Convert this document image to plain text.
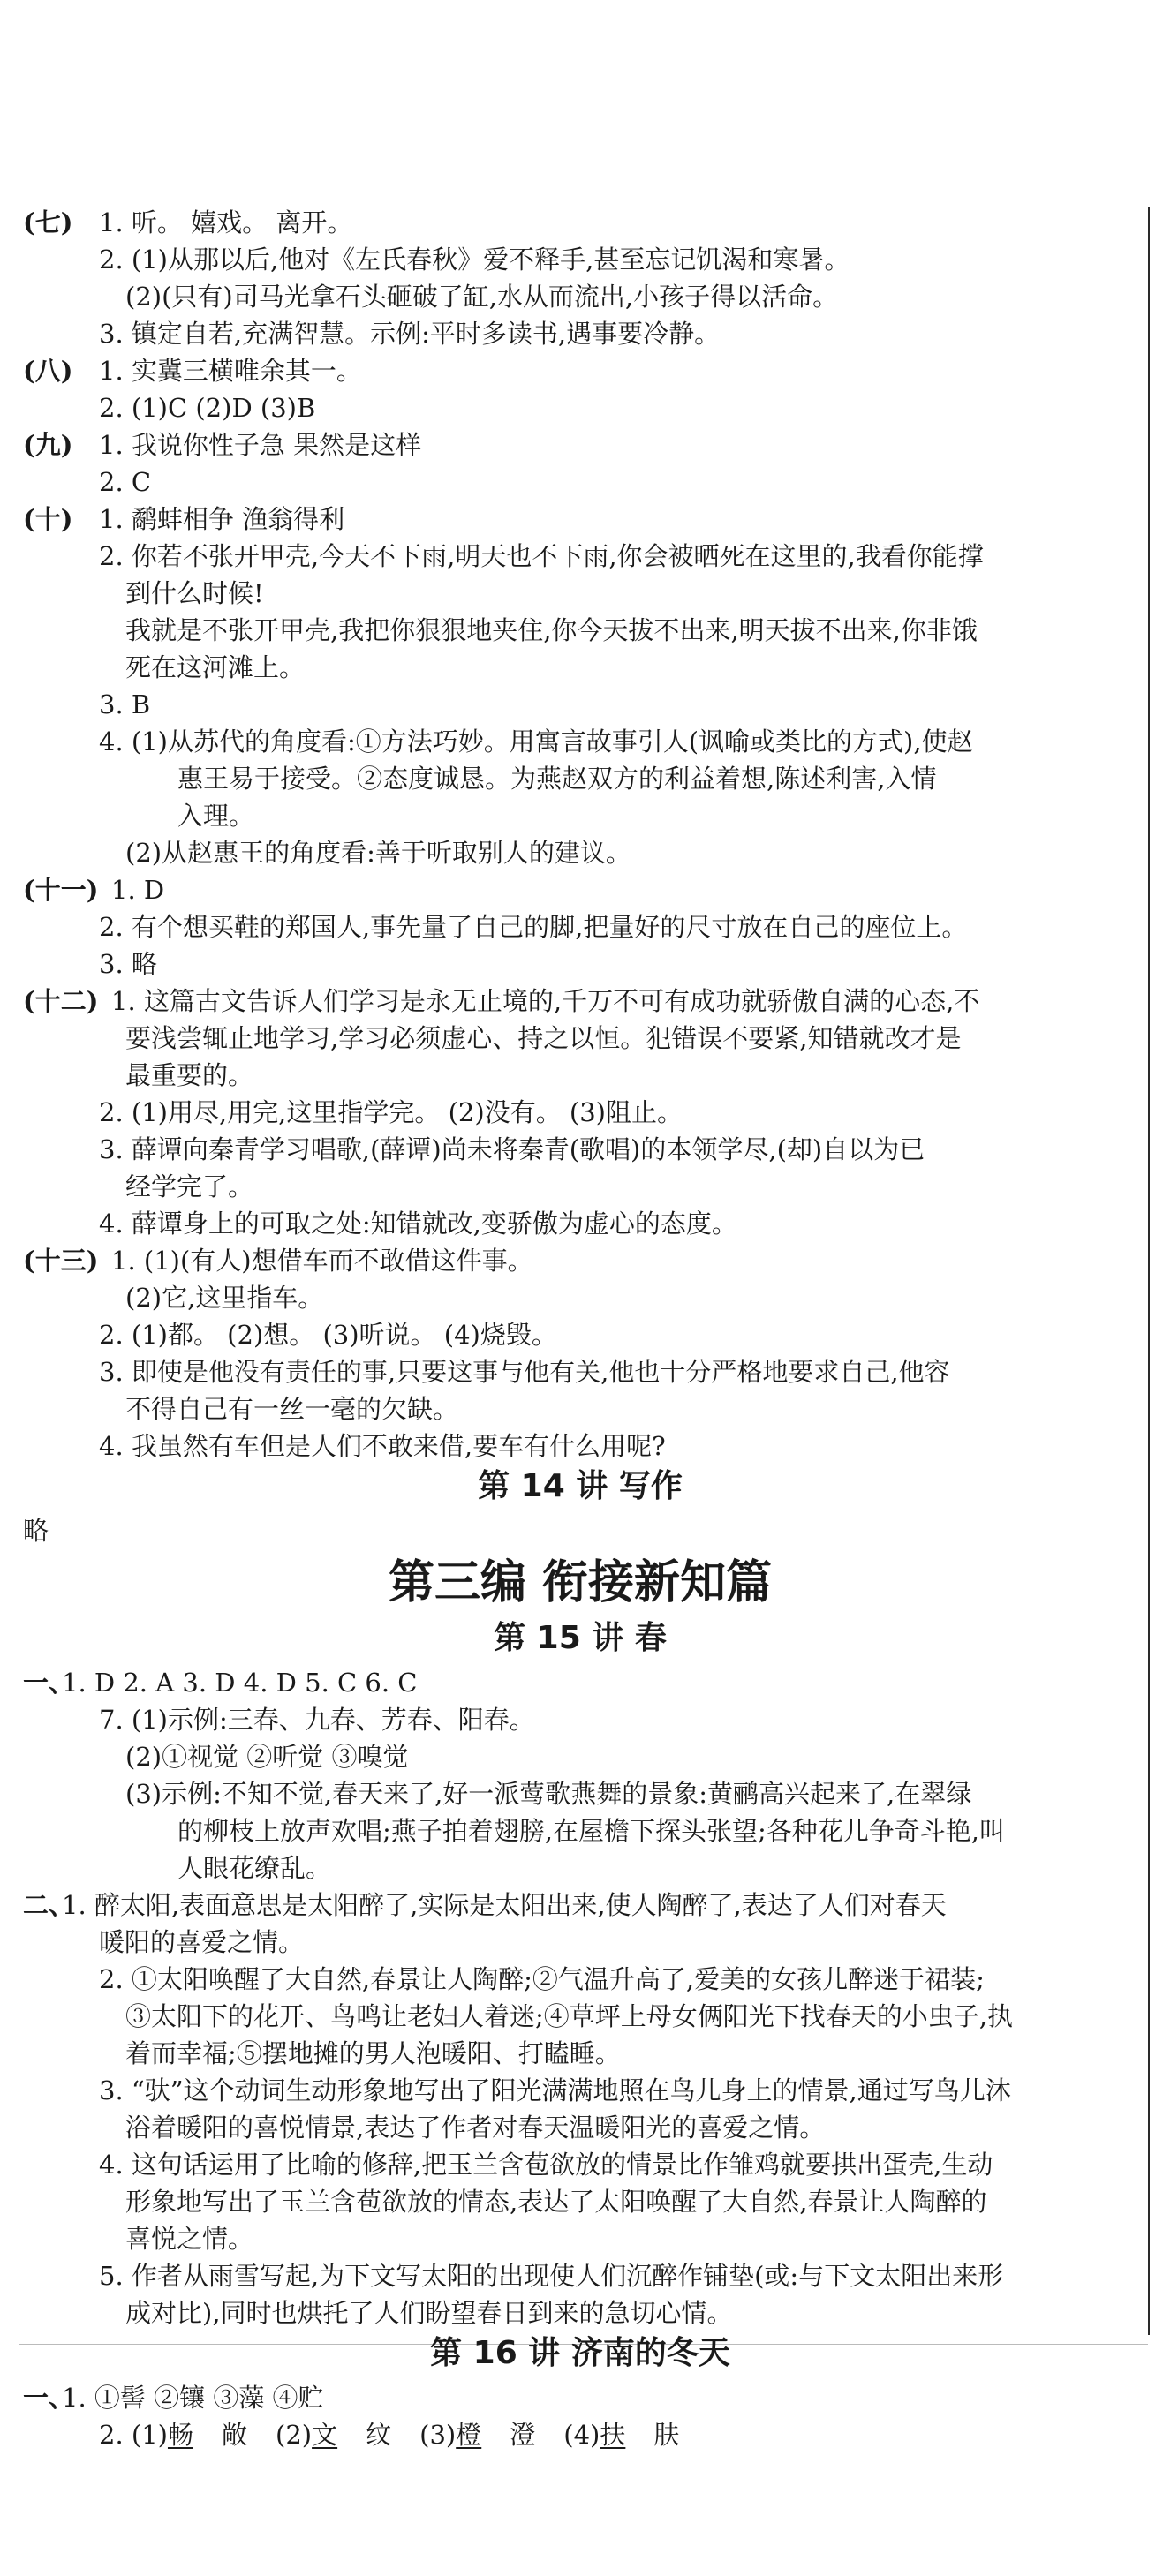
(七) 1. 听。 嬉戏。 离开。
2. (1)从那以后,他对《左氏春秋》爱不释手,甚至忘记饥渴和寒暑。
(2)(只有)司马光拿石头砸破了缸,水从而流出,小孩子得以活命。
3. 镇定自若,充满智慧。示例:平时多读书,遇事要冷静。
(八) 1. 实冀三横唯余其一。
2. (1)C (2)D (3)B
(九) 1. 我说你性子急 果然是这样
2. C
(十) 1. 鹬蚌相争 渔翁得利
2. 你若不张开甲壳,今天不下雨,明天也不下雨,你会被晒死在这里的,我看你能撑
到什么时候!
我就是不张开甲壳,我把你狠狠地夹住,你今天拔不出来,明天拔不出来,你非饿
死在这河滩上。
3. B
4. (1)从苏代的角度看:①方法巧妙。用寓言故事引人(讽喻或类比的方式),使赵
惠王易于接受。②态度诚恳。为燕赵双方的利益着想,陈述利害,入情
入理。
(2)从赵惠王的角度看:善于听取别人的建议。
(十一) 1. D
2. 有个想买鞋的郑国人,事先量了自己的脚,把量好的尺寸放在自己的座位上。
3. 略
(十二) 1. 这篇古文告诉人们学习是永无止境的,千万不可有成功就骄傲自满的心态,不
要浅尝辄止地学习,学习必须虚心、持之以恒。犯错误不要紧,知错就改才是
最重要的。
2. (1)用尽,用完,这里指学完。 (2)没有。 (3)阻止。
3. 薛谭向秦青学习唱歌,(薛谭)尚未将秦青(歌唱)的本领学尽,(却)自以为已
经学完了。
4. 薛谭身上的可取之处:知错就改,变骄傲为虚心的态度。
(十三) 1. (1)(有人)想借车而不敢借这件事。
(2)它,这里指车。
2. (1)都。 (2)想。 (3)听说。 (4)烧毁。
3. 即使是他没有责任的事,只要这事与他有关,他也十分严格地要求自己,他容
不得自己有一丝一毫的欠缺。
4. 我虽然有车但是人们不敢来借,要车有什么用呢?
第 14 讲 写作
略
第三编 衔接新知篇
第 15 讲 春
一、
1. D 2. A 3. D 4. D 5. C 6. C
7. (1)示例:三春、九春、芳春、阳春。
(2)①视觉 ②听觉 ③嗅觉
(3)示例:不知不觉,春天来了,好一派莺歌燕舞的景象:黄鹂高兴起来了,在翠绿
的柳枝上放声欢唱;燕子拍着翅膀,在屋檐下探头张望;各种花儿争奇斗艳,叫
人眼花缭乱。
二、
1. 醉太阳,表面意思是太阳醉了,实际是太阳出来,使人陶醉了,表达了人们对春天
暖阳的喜爱之情。
2. ①太阳唤醒了大自然,春景让人陶醉;②气温升高了,爱美的女孩儿醉迷于裙装;
③太阳下的花开、鸟鸣让老妇人着迷;④草坪上母女俩阳光下找春天的小虫子,执
着而幸福;⑤摆地摊的男人泡暖阳、打瞌睡。
3. “驮”这个动词生动形象地写出了阳光满满地照在鸟儿身上的情景,通过写鸟儿沐
浴着暖阳的喜悦情景,表达了作者对春天温暖阳光的喜爱之情。
4. 这句话运用了比喻的修辞,把玉兰含苞欲放的情景比作雏鸡就要拱出蛋壳,生动
形象地写出了玉兰含苞欲放的情态,表达了太阳唤醒了大自然,春景让人陶醉的
喜悦之情。
5. 作者从雨雪写起,为下文写太阳的出现使人们沉醉作铺垫(或:与下文太阳出来形
成对比),同时也烘托了人们盼望春日到来的急切心情。
第 16 讲 济南的冬天
一、
1. ①髻 ②镶 ③藻 ④贮
2. (1)畅 敞 (2)文 纹 (3)橙 澄 (4)扶 肤
